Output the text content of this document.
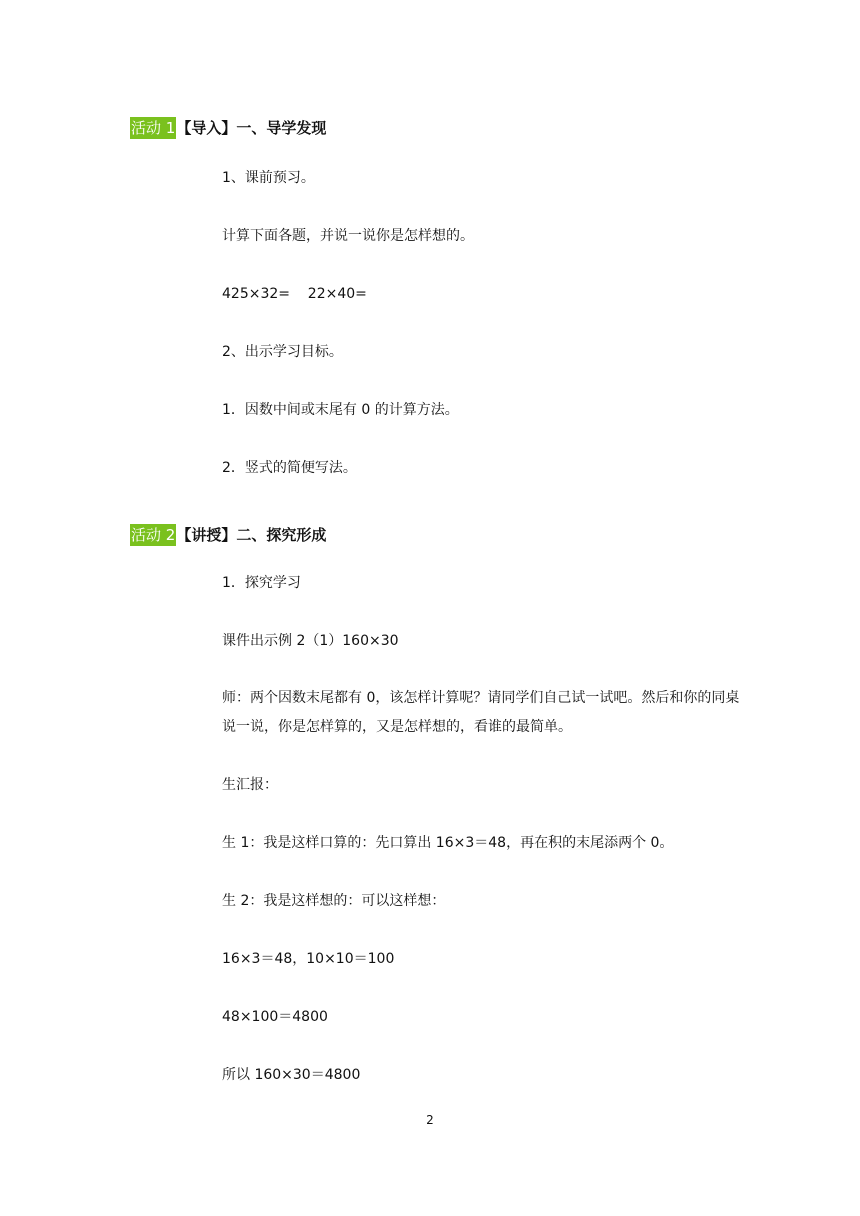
活动 1【导入】一、导学发现
1、课前预习。
计算下面各题，并说一说你是怎样想的。
425×32=    22×40=
2、出示学习目标。
1．因数中间或末尾有 0 的计算方法。
2．竖式的简便写法。
活动 2【讲授】二、探究形成
1．探究学习
课件出示例 2（1）160×30
师：两个因数末尾都有 0，该怎样计算呢？请同学们自己试一试吧。然后和你的同桌说一说，你是怎样算的，又是怎样想的，看谁的最简单。
生汇报：
生 1：我是这样口算的：先口算出 16×3＝48，再在积的末尾添两个 0。
生 2：我是这样想的：可以这样想：
16×3＝48，10×10＝100
48×100＝4800
所以 160×30＝4800
2
